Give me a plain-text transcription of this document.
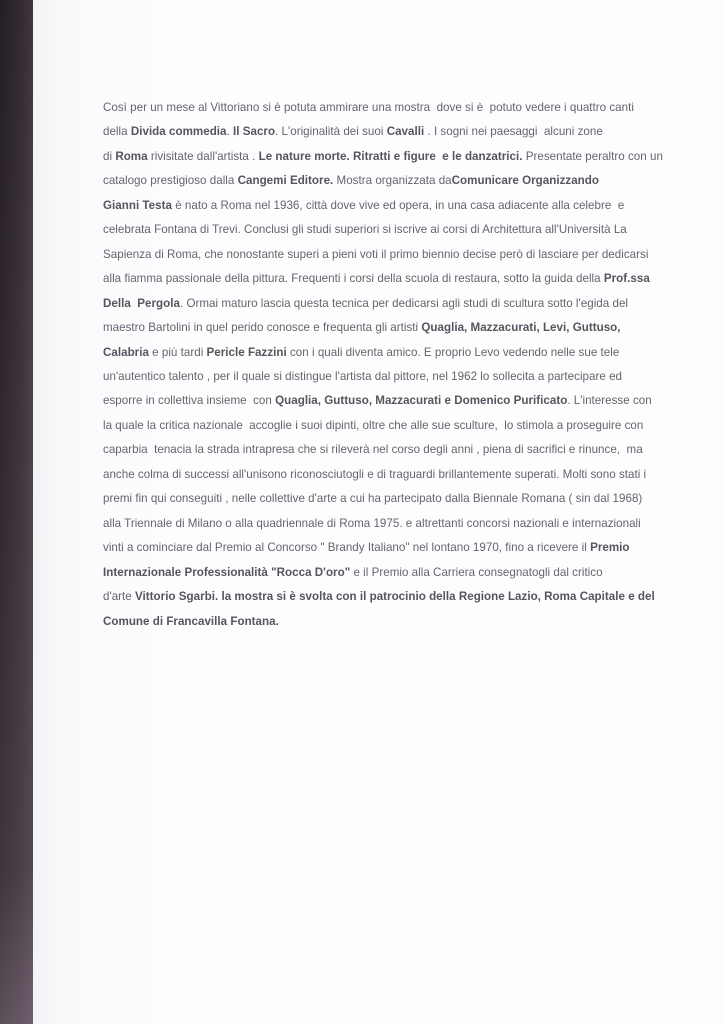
Così per un mese al Vittoriano si è potuta ammirare una mostra  dove si è  potuto vedere i quattro canti
della Divida commedia. Il Sacro. L'originalità dei suoi Cavalli . I sogni nei paesaggi  alcuni zone
di Roma rivisitate dall'artista . Le nature morte. Ritratti e figure  e le danzatrici. Presentate peraltro con un
catalogo prestigioso dalla Cangemi Editore. Mostra organizzata daComunicare Organizzando
Gianni Testa è nato a Roma nel 1936, città dove vive ed opera, in una casa adiacente alla celebre  e
celebrata Fontana di Trevi. Conclusi gli studi superiori si iscrive ai corsi di Architettura all'Università La
Sapienza di Roma, che nonostante superi a pieni voti il primo biennio decise però di lasciare per dedicarsi
alla fiamma passionale della pittura. Frequenti i corsi della scuola di restaura, sotto la guida della Prof.ssa
Della  Pergola. Ormai maturo lascia questa tecnica per dedicarsi agli studi di scultura sotto l'egida del
maestro Bartolini in quel perido conosce e frequenta gli artisti Quaglia, Mazzacurati, Levi, Guttuso,
Calabria e più tardi Pericle Fazzini con i quali diventa amico. E proprio Levo vedendo nelle sue tele
un'autentico talento , per il quale si distingue l'artista dal pittore, nel 1962 lo sollecita a partecipare ed
esporre in collettiva insieme  con Quaglia, Guttuso, Mazzacurati e Domenico Purificato. L'interesse con
la quale la critica nazionale  accoglie i suoi dipinti, oltre che alle sue sculture,  lo stimola a proseguire con
caparbia  tenacia la strada intrapresa che si rileverà nel corso degli anni , piena di sacrifici e rinunce,  ma
anche colma di successi all'unisono riconosciutogli e di traguardi brillantemente superati. Molti sono stati i
premi fin qui conseguiti , nelle collettive d'arte a cui ha partecipato dalla Biennale Romana ( sin dal 1968)
alla Triennale di Milano o alla quadriennale di Roma 1975. e altrettanti concorsi nazionali e internazionali
vinti a cominciare dal Premio al Concorso " Brandy Italiano" nel lontano 1970, fino a ricevere il Premio
Internazionale Professionalità "Rocca D'oro" e il Premio alla Carriera consegnatogli dal critico
d'arte Vittorio Sgarbi. la mostra si è svolta con il patrocinio della Regione Lazio, Roma Capitale e del
Comune di Francavilla Fontana.
